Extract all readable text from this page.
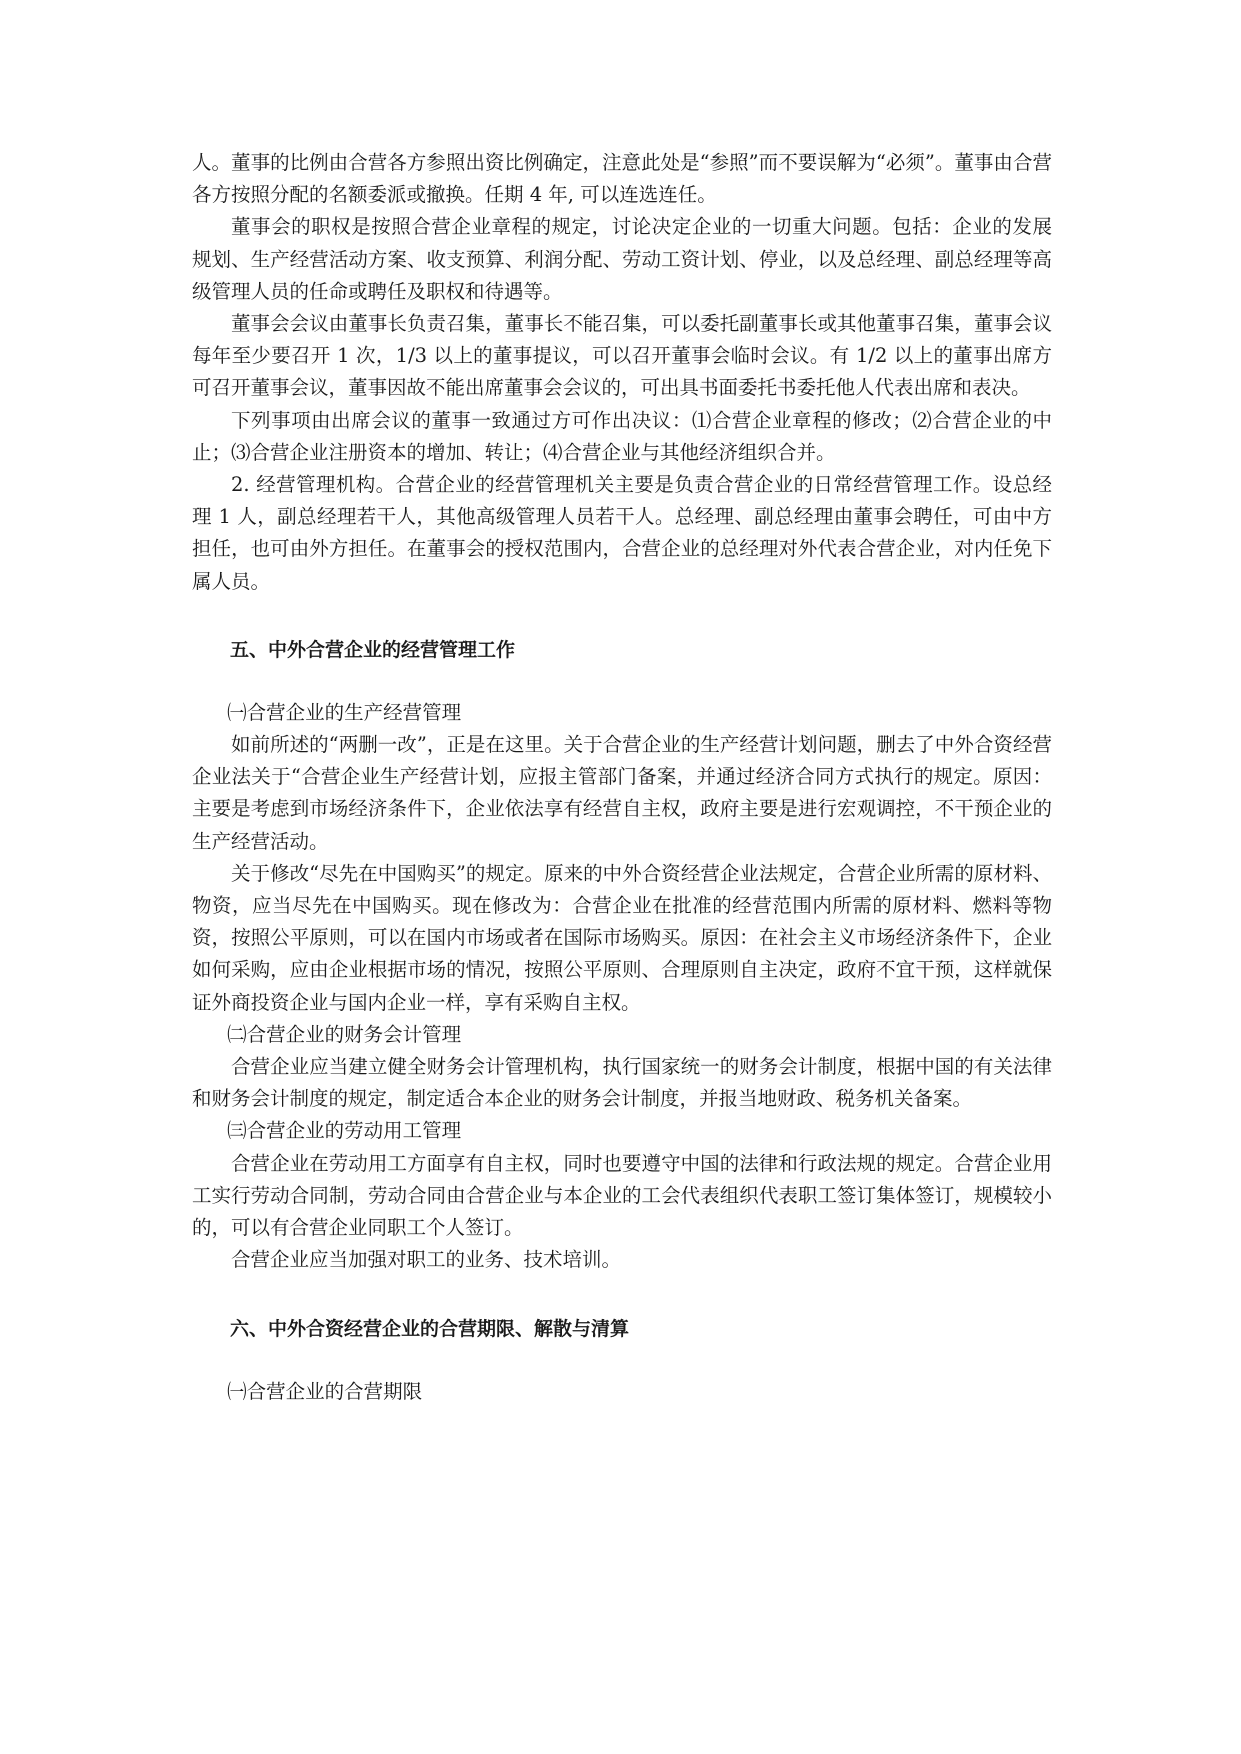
人。董事的比例由合营各方参照出资比例确定，注意此处是“参照”而不要误解为“必须”。董事由合营各方按照分配的名额委派或撤换。任期 4 年, 可以连选连任。

董事会的职权是按照合营企业章程的规定，讨论决定企业的一切重大问题。包括：企业的发展 规划、生产经营活动方案、收支预算、利润分配、劳动工资计划、停业，以及总经理、副总经理等高级管理人员的任命或聘任及职权和待遇等。

董事会会议由董事长负责召集，董事长不能召集，可以委托副董事长或其他董事召集，董事会议每年至少要召开 1 次，1/3 以上的董事提议，可以召开董事会临时会议。有 1/2 以上的董事出席方可召开董事会议，董事因故不能出席董事会会议的，可出具书面委托书委托他人代表出席和表决。

下列事项由出席会议的董事一致通过方可作出决议：⑴合营企业章程的修改；⑵合营企业的中止；⑶合营企业注册资本的增加、转让；⑷合营企业与其他经济组织合并。

2. 经营管理机构。合营企业的经营管理机关主要是负责合营企业的日常经营管理工作。设总经理 1 人，副总经理若干人，其他高级管理人员若干人。总经理、副总经理由董事会聘任，可由中方担任，也可由外方担任。在董事会的授权范围内，合营企业的总经理对外代表合营企业，对内任免下属人员。

五、中外合营企业的经营管理工作

㈠合营企业的生产经营管理

如前所述的“两删一改”，正是在这里。关于合营企业的生产经营计划问题，删去了中外合资经营企业法关于“合营企业生产经营计划，应报主管部门备案，并通过经济合同方式执行的规定。原因：主要是考虑到市场经济条件下，企业依法享有经营自主权，政府主要是进行宏观调控，不干预企业的生产经营活动。

关于修改“尽先在中国购买”的规定。原来的中外合资经营企业法规定，合营企业所需的原材料、物资，应当尽先在中国购买。现在修改为：合营企业在批准的经营范围内所需的原材料、燃料等物资，按照公平原则，可以在国内市场或者在国际市场购买。原因：在社会主义市场经济条件下，企业如何采购，应由企业根据市场的情况，按照公平原则、合理原则自主决定，政府不宜干预，这样就保证外商投资企业与国内企业一样，享有采购自主权。

㈡合营企业的财务会计管理

合营企业应当建立健全财务会计管理机构，执行国家统一的财务会计制度，根据中国的有关法律和财务会计制度的规定，制定适合本企业的财务会计制度，并报当地财政、税务机关备案。

㈢合营企业的劳动用工管理

合营企业在劳动用工方面享有自主权，同时也要遵守中国的法律和行政法规的规定。合营企业用工实行劳动合同制，劳动合同由合营企业与本企业的工会代表组织代表职工签订集体签订，规模较小的，可以有合营企业同职工个人签订。

合营企业应当加强对职工的业务、技术培训。

六、中外合资经营企业的合营期限、解散与清算

㈠合营企业的合营期限
